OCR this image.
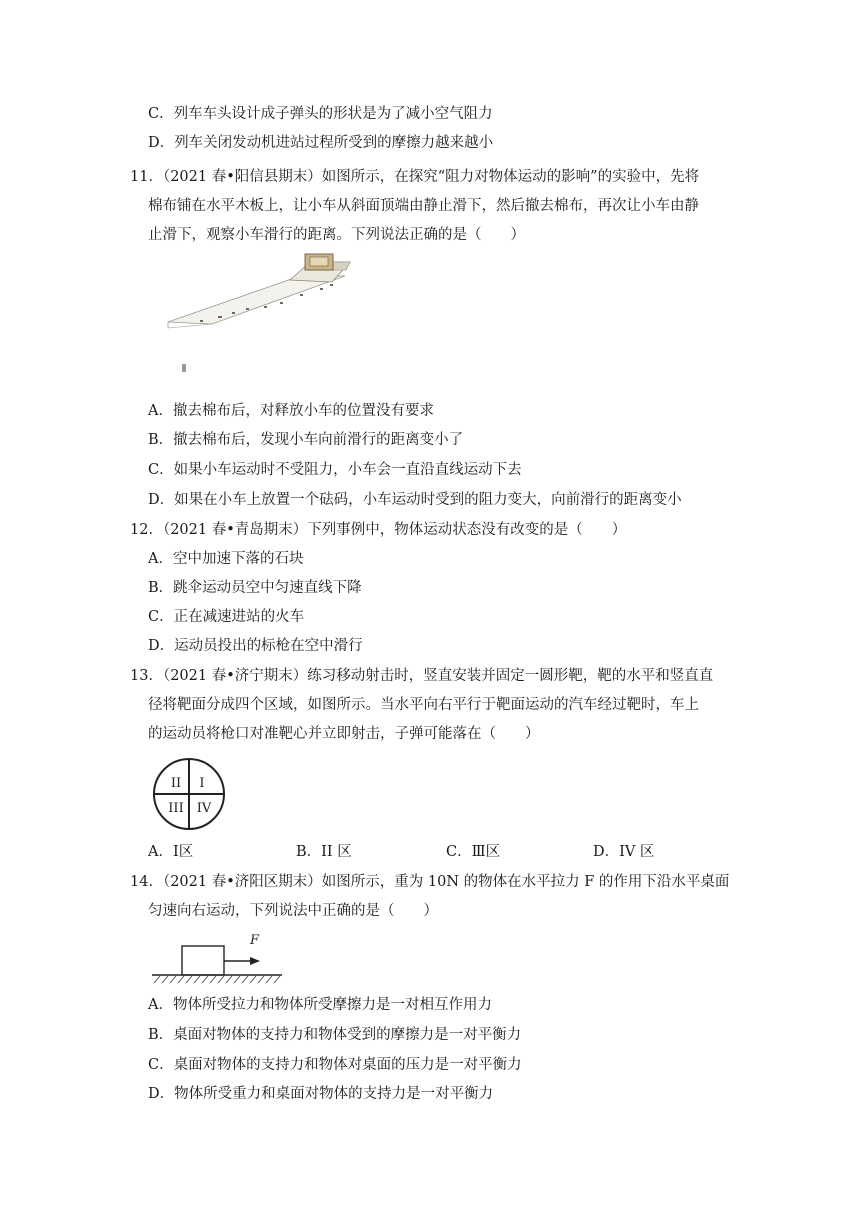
C．列车车头设计成子弹头的形状是为了减小空气阻力
D．列车关闭发动机进站过程所受到的摩擦力越来越小
11．（2021 春•阳信县期末）如图所示，在探究“阻力对物体运动的影响”的实验中，先将
棉布铺在水平木板上，让小车从斜面顶端由静止滑下，然后撤去棉布，再次让小车由静
止滑下，观察小车滑行的距离。下列说法正确的是（　　）
A．撤去棉布后，对释放小车的位置没有要求
B．撤去棉布后，发现小车向前滑行的距离变小了
C．如果小车运动时不受阻力，小车会一直沿直线运动下去
D．如果在小车上放置一个砝码，小车运动时受到的阻力变大，向前滑行的距离变小
12．（2021 春•青岛期末）下列事例中，物体运动状态没有改变的是（　　）
A．空中加速下落的石块
B．跳伞运动员空中匀速直线下降
C．正在减速进站的火车
D．运动员投出的标枪在空中滑行
13．（2021 春•济宁期末）练习移动射击时，竖直安装并固定一圆形靶，靶的水平和竖直直
径将靶面分成四个区域，如图所示。当水平向右平行于靶面运动的汽车经过靶时，车上
的运动员将枪口对准靶心并立即射击，子弹可能落在（　　）
II I
III IV
A．Ⅰ区	B．II 区	C．Ⅲ区	D．IV 区
14．（2021 春•济阳区期末）如图所示，重为 10N 的物体在水平拉力 F 的作用下沿水平桌面
匀速向右运动，下列说法中正确的是（　　）
F
A．物体所受拉力和物体所受摩擦力是一对相互作用力
B．桌面对物体的支持力和物体受到的摩擦力是一对平衡力
C．桌面对物体的支持力和物体对桌面的压力是一对平衡力
D．物体所受重力和桌面对物体的支持力是一对平衡力
